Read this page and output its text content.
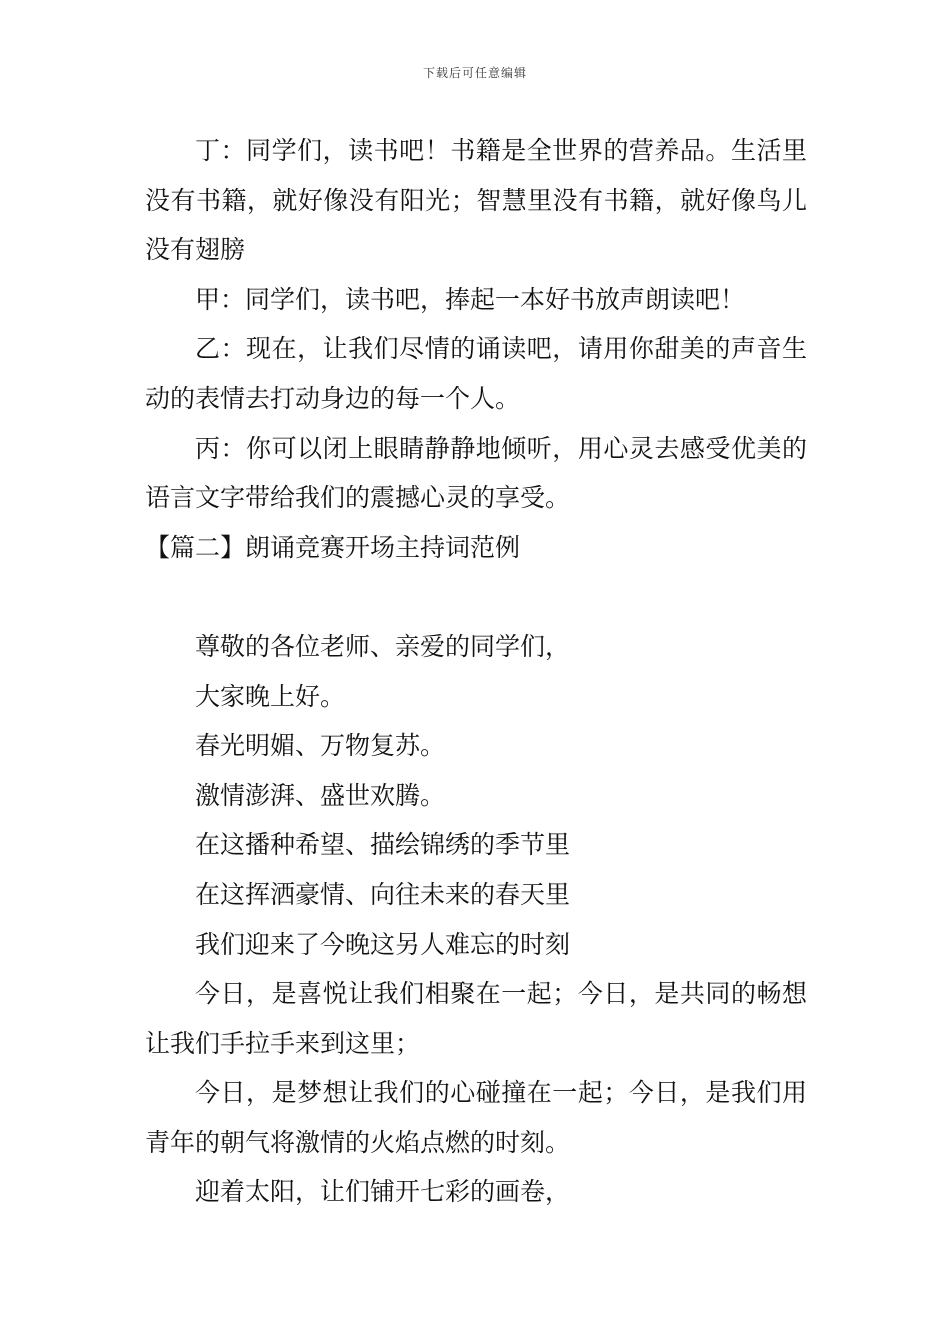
下载后可任意编辑

丁：同学们，读书吧！书籍是全世界的营养品。生活里没有书籍，就好像没有阳光；智慧里没有书籍，就好像鸟儿没有翅膀

甲：同学们，读书吧，捧起一本好书放声朗读吧！

乙：现在，让我们尽情的诵读吧，请用你甜美的声音生动的表情去打动身边的每一个人。

丙：你可以闭上眼睛静静地倾听，用心灵去感受优美的语言文字带给我们的震撼心灵的享受。

【篇二】朗诵竞赛开场主持词范例

尊敬的各位老师、亲爱的同学们，

大家晚上好。

春光明媚、万物复苏。

激情澎湃、盛世欢腾。

在这播种希望、描绘锦绣的季节里

在这挥洒豪情、向往未来的春天里

我们迎来了今晚这另人难忘的时刻

今日，是喜悦让我们相聚在一起；今日，是共同的畅想让我们手拉手来到这里；

今日，是梦想让我们的心碰撞在一起；今日，是我们用青年的朝气将激情的火焰点燃的时刻。

迎着太阳，让们铺开七彩的画卷，
